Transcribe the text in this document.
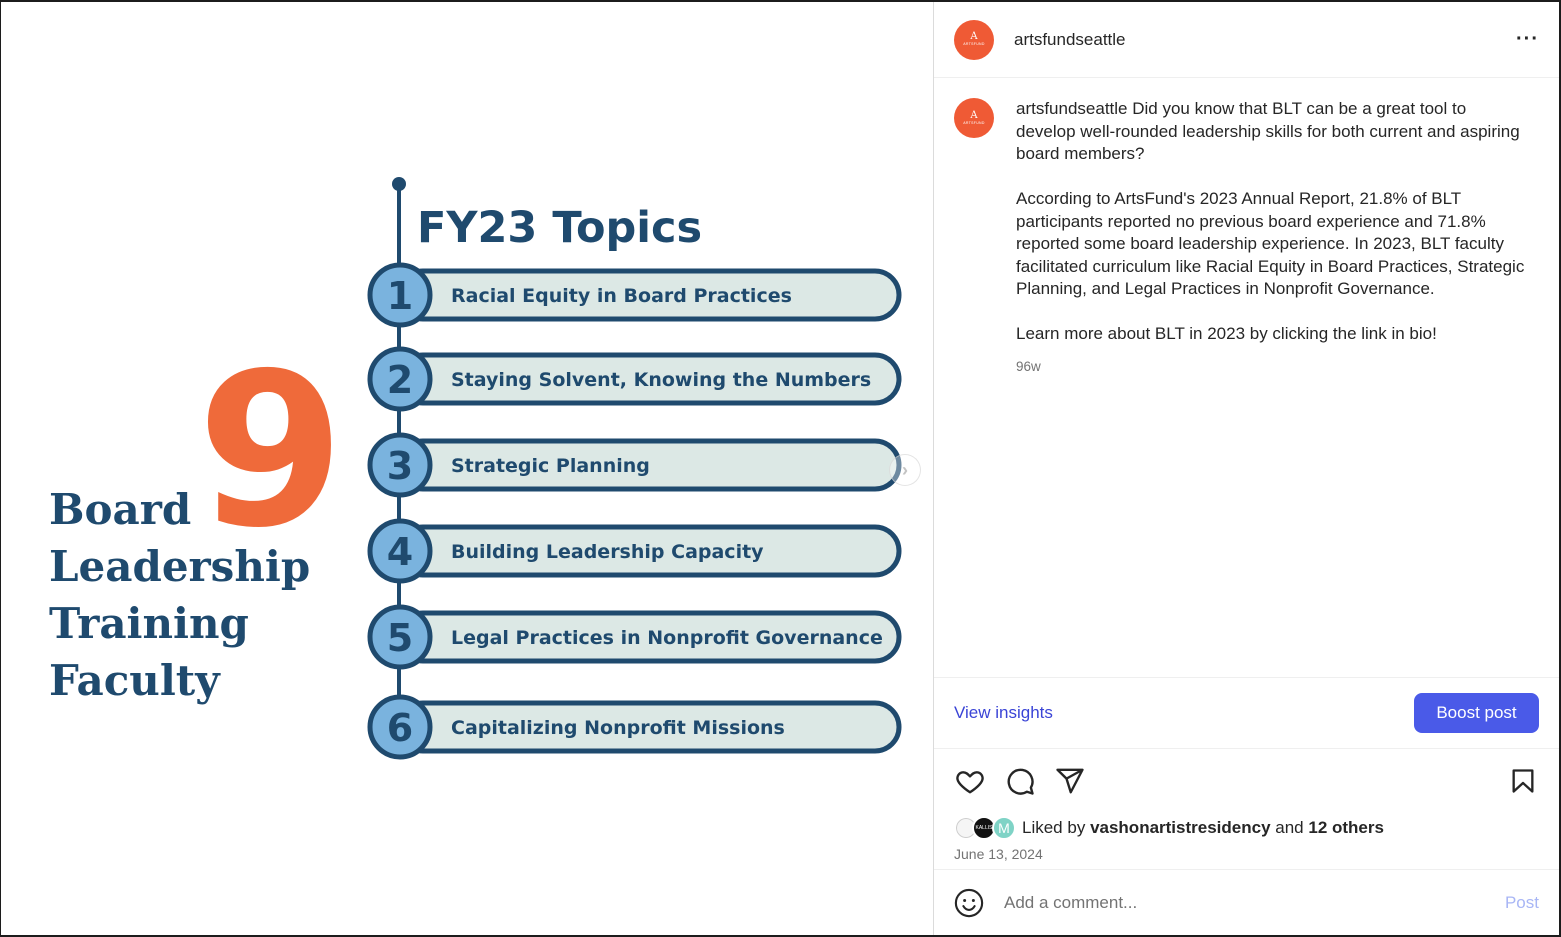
9
Board
Leadership
Training
Faculty
FY23 Topics
1 Racial Equity in Board Practices
2 Staying Solvent, Knowing the Numbers
3 Strategic Planning
4 Building Leadership Capacity
5 Legal Practices in Nonprofit Governance
6 Capitalizing Nonprofit Missions
›
A
ARTSFUND artsfundseattle	···
A
ARTSFUND

artsfundseattle Did you know that BLT can be a great tool to develop well-rounded leadership skills for both current and aspiring board members?

According to ArtsFund's 2023 Annual Report, 21.8% of BLT participants reported no previous board experience and 71.8% reported some board leadership experience. In 2023, BLT faculty facilitated curriculum like Racial Equity in Board Practices, Strategic Planning, and Legal Practices in Nonprofit Governance.

Learn more about BLT in 2023 by clicking the link in bio!

96w
View insights	Boost post
KALLIS M Liked by
vashonartistresidency
and
12 others
June 13, 2024
Add a comment...
Post
